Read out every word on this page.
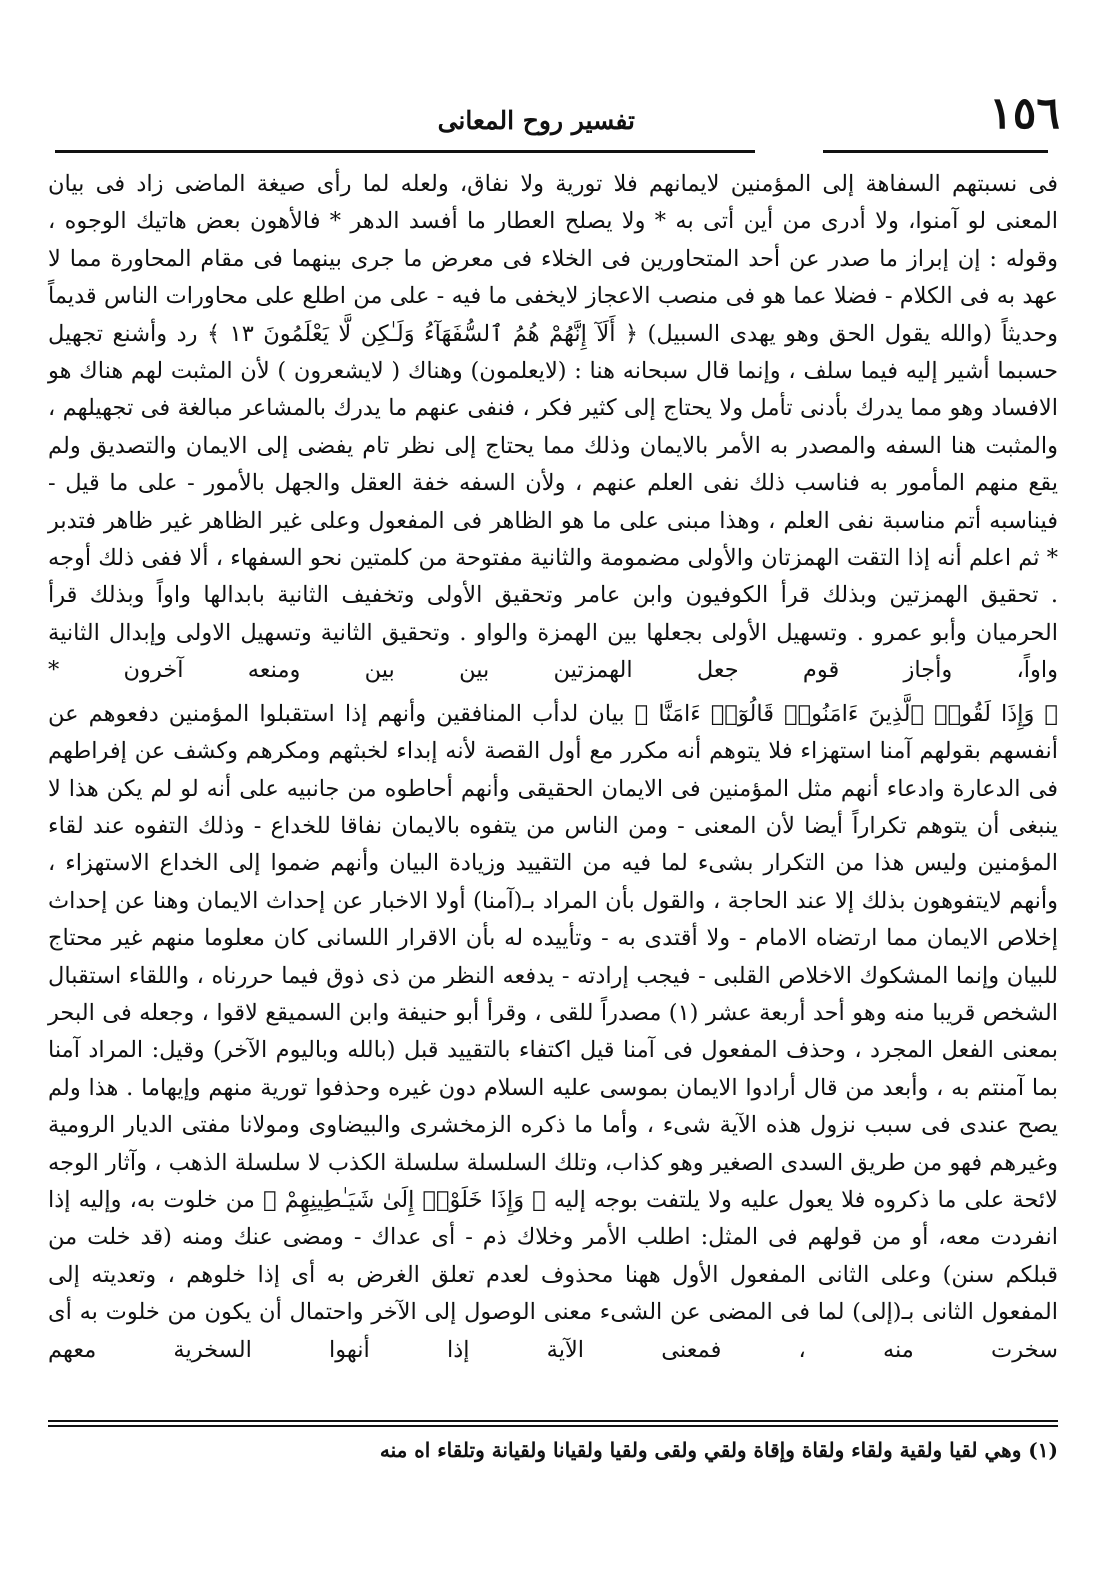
١٥٦
تفسير روح المعانى

فى نسبتهم السفاهة إلى المؤمنين لايمانهم فلا تورية ولا نفاق، ولعله لما رأى صيغة الماضى زاد فى بيان المعنى لو آمنوا، ولا أدرى من أين أتى به * ولا يصلح العطار ما أفسد الدهر * فالأهون بعض هاتيك الوجوه ، وقوله : إن إبراز ما صدر عن أحد المتحاورين فى الخلاء فى معرض ما جرى بينهما فى مقام المحاورة مما لا عهد به فى الكلام - فضلا عما هو فى منصب الاعجاز لايخفى ما فيه - على من اطلع على محاورات الناس قديماً وحديثاً (والله يقول الحق وهو يهدى السبيل) ﴿ أَلَآ إِنَّهُمْ هُمُ ٱلسُّفَهَآءُ وَلَـٰكِن لَّا يَعْلَمُونَ ١٣ ﴾ رد وأشنع تجهيل حسبما أشير إليه فيما سلف ، وإنما قال سبحانه هنا : (لايعلمون) وهناك ( لايشعرون ) لأن المثبت لهم هناك هو الافساد وهو مما يدرك بأدنى تأمل ولا يحتاج إلى كثير فكر ، فنفى عنهم ما يدرك بالمشاعر مبالغة فى تجهيلهم ، والمثبت هنا السفه والمصدر به الأمر بالايمان وذلك مما يحتاج إلى نظر تام يفضى إلى الايمان والتصديق ولم يقع منهم المأمور به فناسب ذلك نفى العلم عنهم ، ولأن السفه خفة العقل والجهل بالأمور - على ما قيل - فيناسبه أتم مناسبة نفى العلم ، وهذا مبنى على ما هو الظاهر فى المفعول وعلى غير الظاهر غير ظاهر فتدبر * ثم اعلم أنه إذا التقت الهمزتان والأولى مضمومة والثانية مفتوحة من كلمتين نحو السفهاء ، ألا ففى ذلك أوجه . تحقيق الهمزتين وبذلك قرأ الكوفيون وابن عامر وتحقيق الأولى وتخفيف الثانية بابدالها واواً وبذلك قرأ الحرميان وأبو عمرو . وتسهيل الأولى بجعلها بين الهمزة والواو . وتحقيق الثانية وتسهيل الاولى وإبدال الثانية واواً، وأجاز قوم جعل الهمزتين بين بين ومنعه آخرون *

﴿ وَإِذَا لَقُوا۟ ٱلَّذِينَ ءَامَنُوا۟ قَالُوٓا۟ ءَامَنَّا ﴾ بيان لدأب المنافقين وأنهم إذا استقبلوا المؤمنين دفعوهم عن أنفسهم بقولهم آمنا استهزاء فلا يتوهم أنه مكرر مع أول القصة لأنه إبداء لخبثهم ومكرهم وكشف عن إفراطهم فى الدعارة وادعاء أنهم مثل المؤمنين فى الايمان الحقيقى وأنهم أحاطوه من جانبيه على أنه لو لم يكن هذا لا ينبغى أن يتوهم تكراراً أيضا لأن المعنى - ومن الناس من يتفوه بالايمان نفاقا للخداع - وذلك التفوه عند لقاء المؤمنين وليس هذا من التكرار بشىء لما فيه من التقييد وزيادة البيان وأنهم ضموا إلى الخداع الاستهزاء ، وأنهم لايتفوهون بذلك إلا عند الحاجة ، والقول بأن المراد بـ(آمنا) أولا الاخبار عن إحداث الايمان وهنا عن إحداث إخلاص الايمان مما ارتضاه الامام - ولا أقتدى به - وتأييده له بأن الاقرار اللسانى كان معلوما منهم غير محتاج للبيان وإنما المشكوك الاخلاص القلبى - فيجب إرادته - يدفعه النظر من ذى ذوق فيما حررناه ، واللقاء استقبال الشخص قريبا منه وهو أحد أربعة عشر (١) مصدراً للقى ، وقرأ أبو حنيفة وابن السميقع لاقوا ، وجعله فى البحر بمعنى الفعل المجرد ، وحذف المفعول فى آمنا قيل اكتفاء بالتقييد قبل (بالله وباليوم الآخر) وقيل: المراد آمنا بما آمنتم به ، وأبعد من قال أرادوا الايمان بموسى عليه السلام دون غيره وحذفوا تورية منهم وإيهاما . هذا ولم يصح عندى فى سبب نزول هذه الآية شىء ، وأما ما ذكره الزمخشرى والبيضاوى ومولانا مفتى الديار الرومية وغيرهم فهو من طريق السدى الصغير وهو كذاب، وتلك السلسلة سلسلة الكذب لا سلسلة الذهب ، وآثار الوجه لائحة على ما ذكروه فلا يعول عليه ولا يلتفت بوجه إليه ﴿ وَإِذَا خَلَوْا۟ إِلَىٰ شَيَـٰطِينِهِمْ ﴾ من خلوت به، وإليه إذا انفردت معه، أو من قولهم فى المثل: اطلب الأمر وخلاك ذم - أى عداك - ومضى عنك ومنه (قد خلت من قبلكم سنن) وعلى الثانى المفعول الأول ههنا محذوف لعدم تعلق الغرض به أى إذا خلوهم ، وتعديته إلى المفعول الثانى بـ(إلى) لما فى المضى عن الشىء معنى الوصول إلى الآخر واحتمال أن يكون من خلوت به أى سخرت منه ، فمعنى الآية إذا أنهوا السخرية معهم

(١) وهي لقيا ولقية ولقاء ولقاة وإقاة ولقي ولقى ولقيا ولقيانا ولقيانة وتلقاء اه منه
